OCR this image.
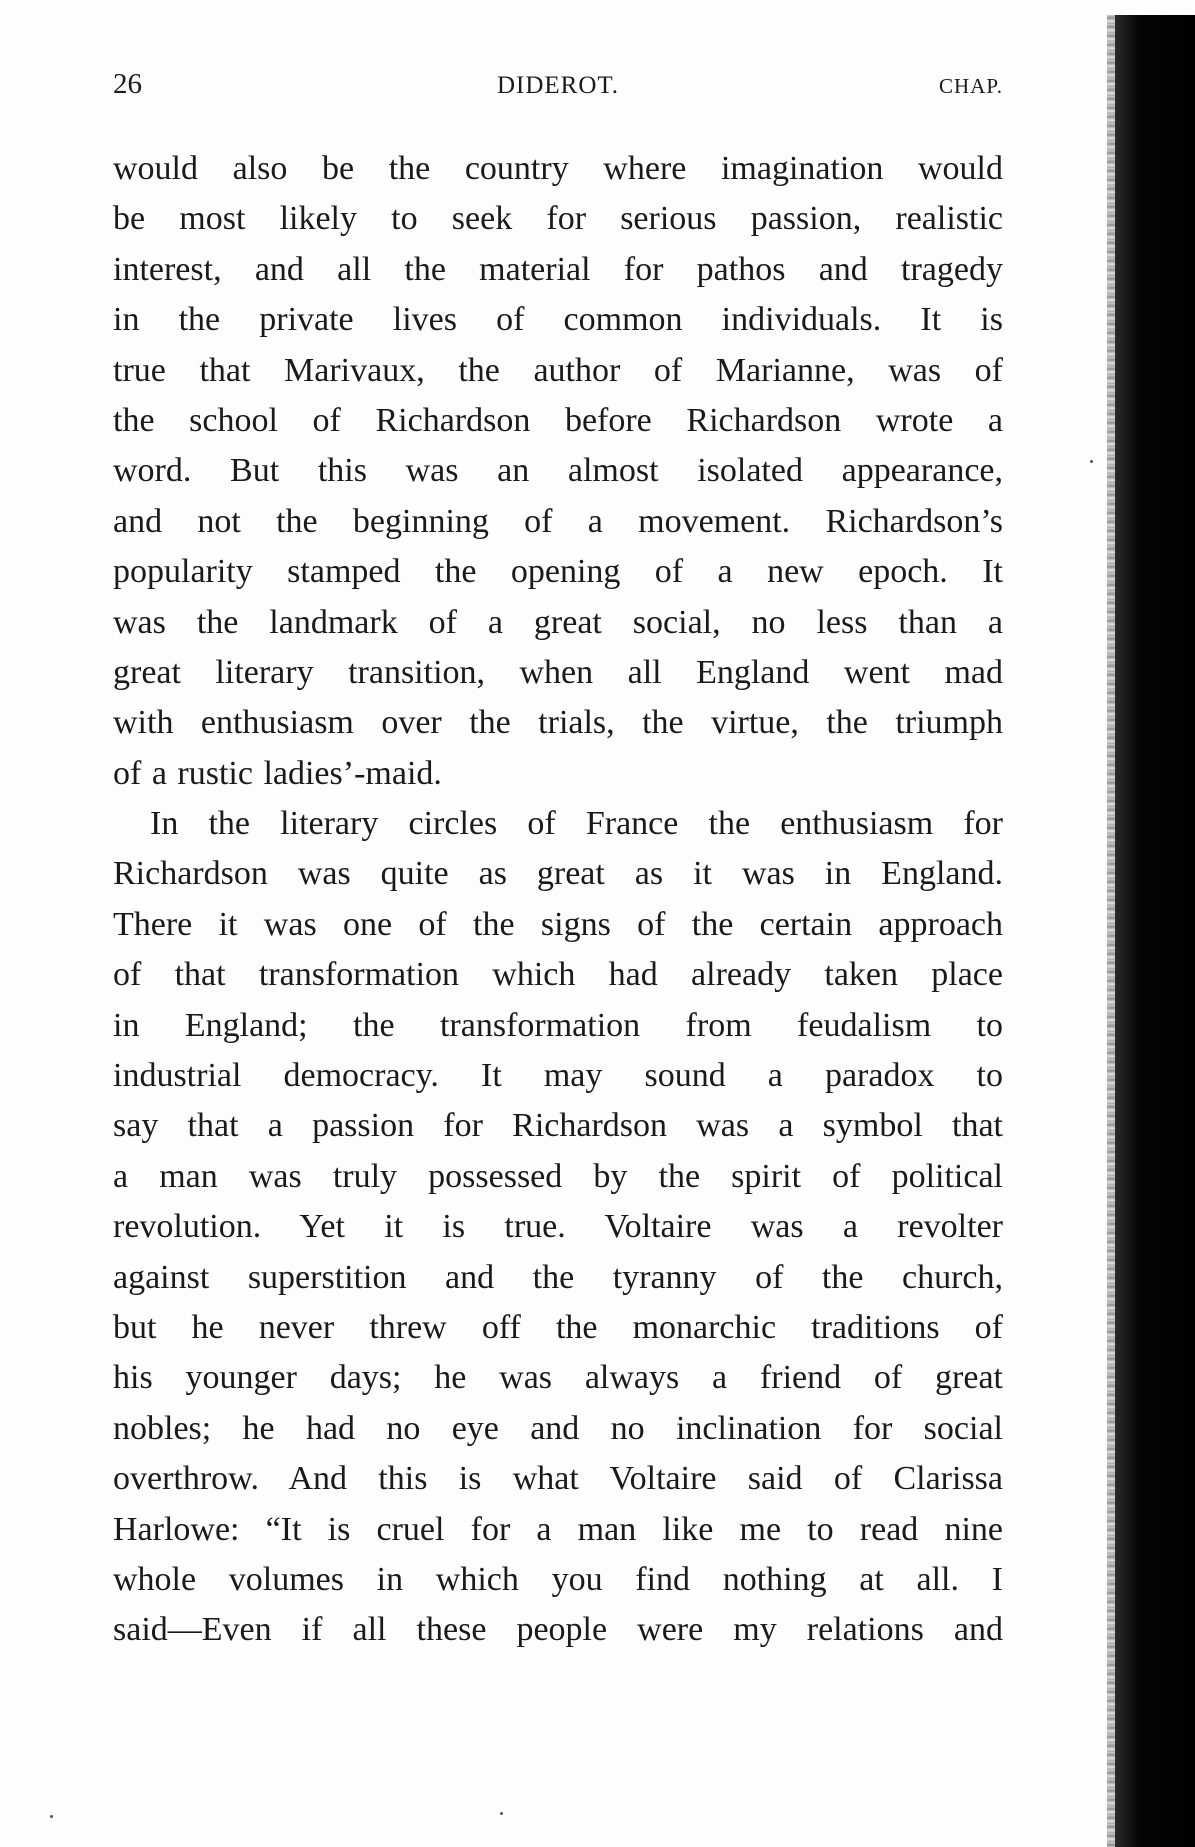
26	DIDEROT.	CHAP.
would also be the country where imagination would
be most likely to seek for serious passion, realistic
interest, and all the material for pathos and tragedy
in the private lives of common individuals. It is
true that Marivaux, the author of Marianne, was of
the school of Richardson before Richardson wrote a
word. But this was an almost isolated appearance,
and not the beginning of a movement. Richardson’s
popularity stamped the opening of a new epoch. It
was the landmark of a great social, no less than a
great literary transition, when all England went mad
with enthusiasm over the trials, the virtue, the triumph
of a rustic ladies’-maid.
In the literary circles of France the enthusiasm for
Richardson was quite as great as it was in England.
There it was one of the signs of the certain approach
of that transformation which had already taken place
in England; the transformation from feudalism to
industrial democracy. It may sound a paradox to
say that a passion for Richardson was a symbol that
a man was truly possessed by the spirit of political
revolution. Yet it is true. Voltaire was a revolter
against superstition and the tyranny of the church,
but he never threw off the monarchic traditions of
his younger days; he was always a friend of great
nobles; he had no eye and no inclination for social
overthrow. And this is what Voltaire said of Clarissa
Harlowe: “It is cruel for a man like me to read nine
whole volumes in which you find nothing at all. I
said—Even if all these people were my relations and
